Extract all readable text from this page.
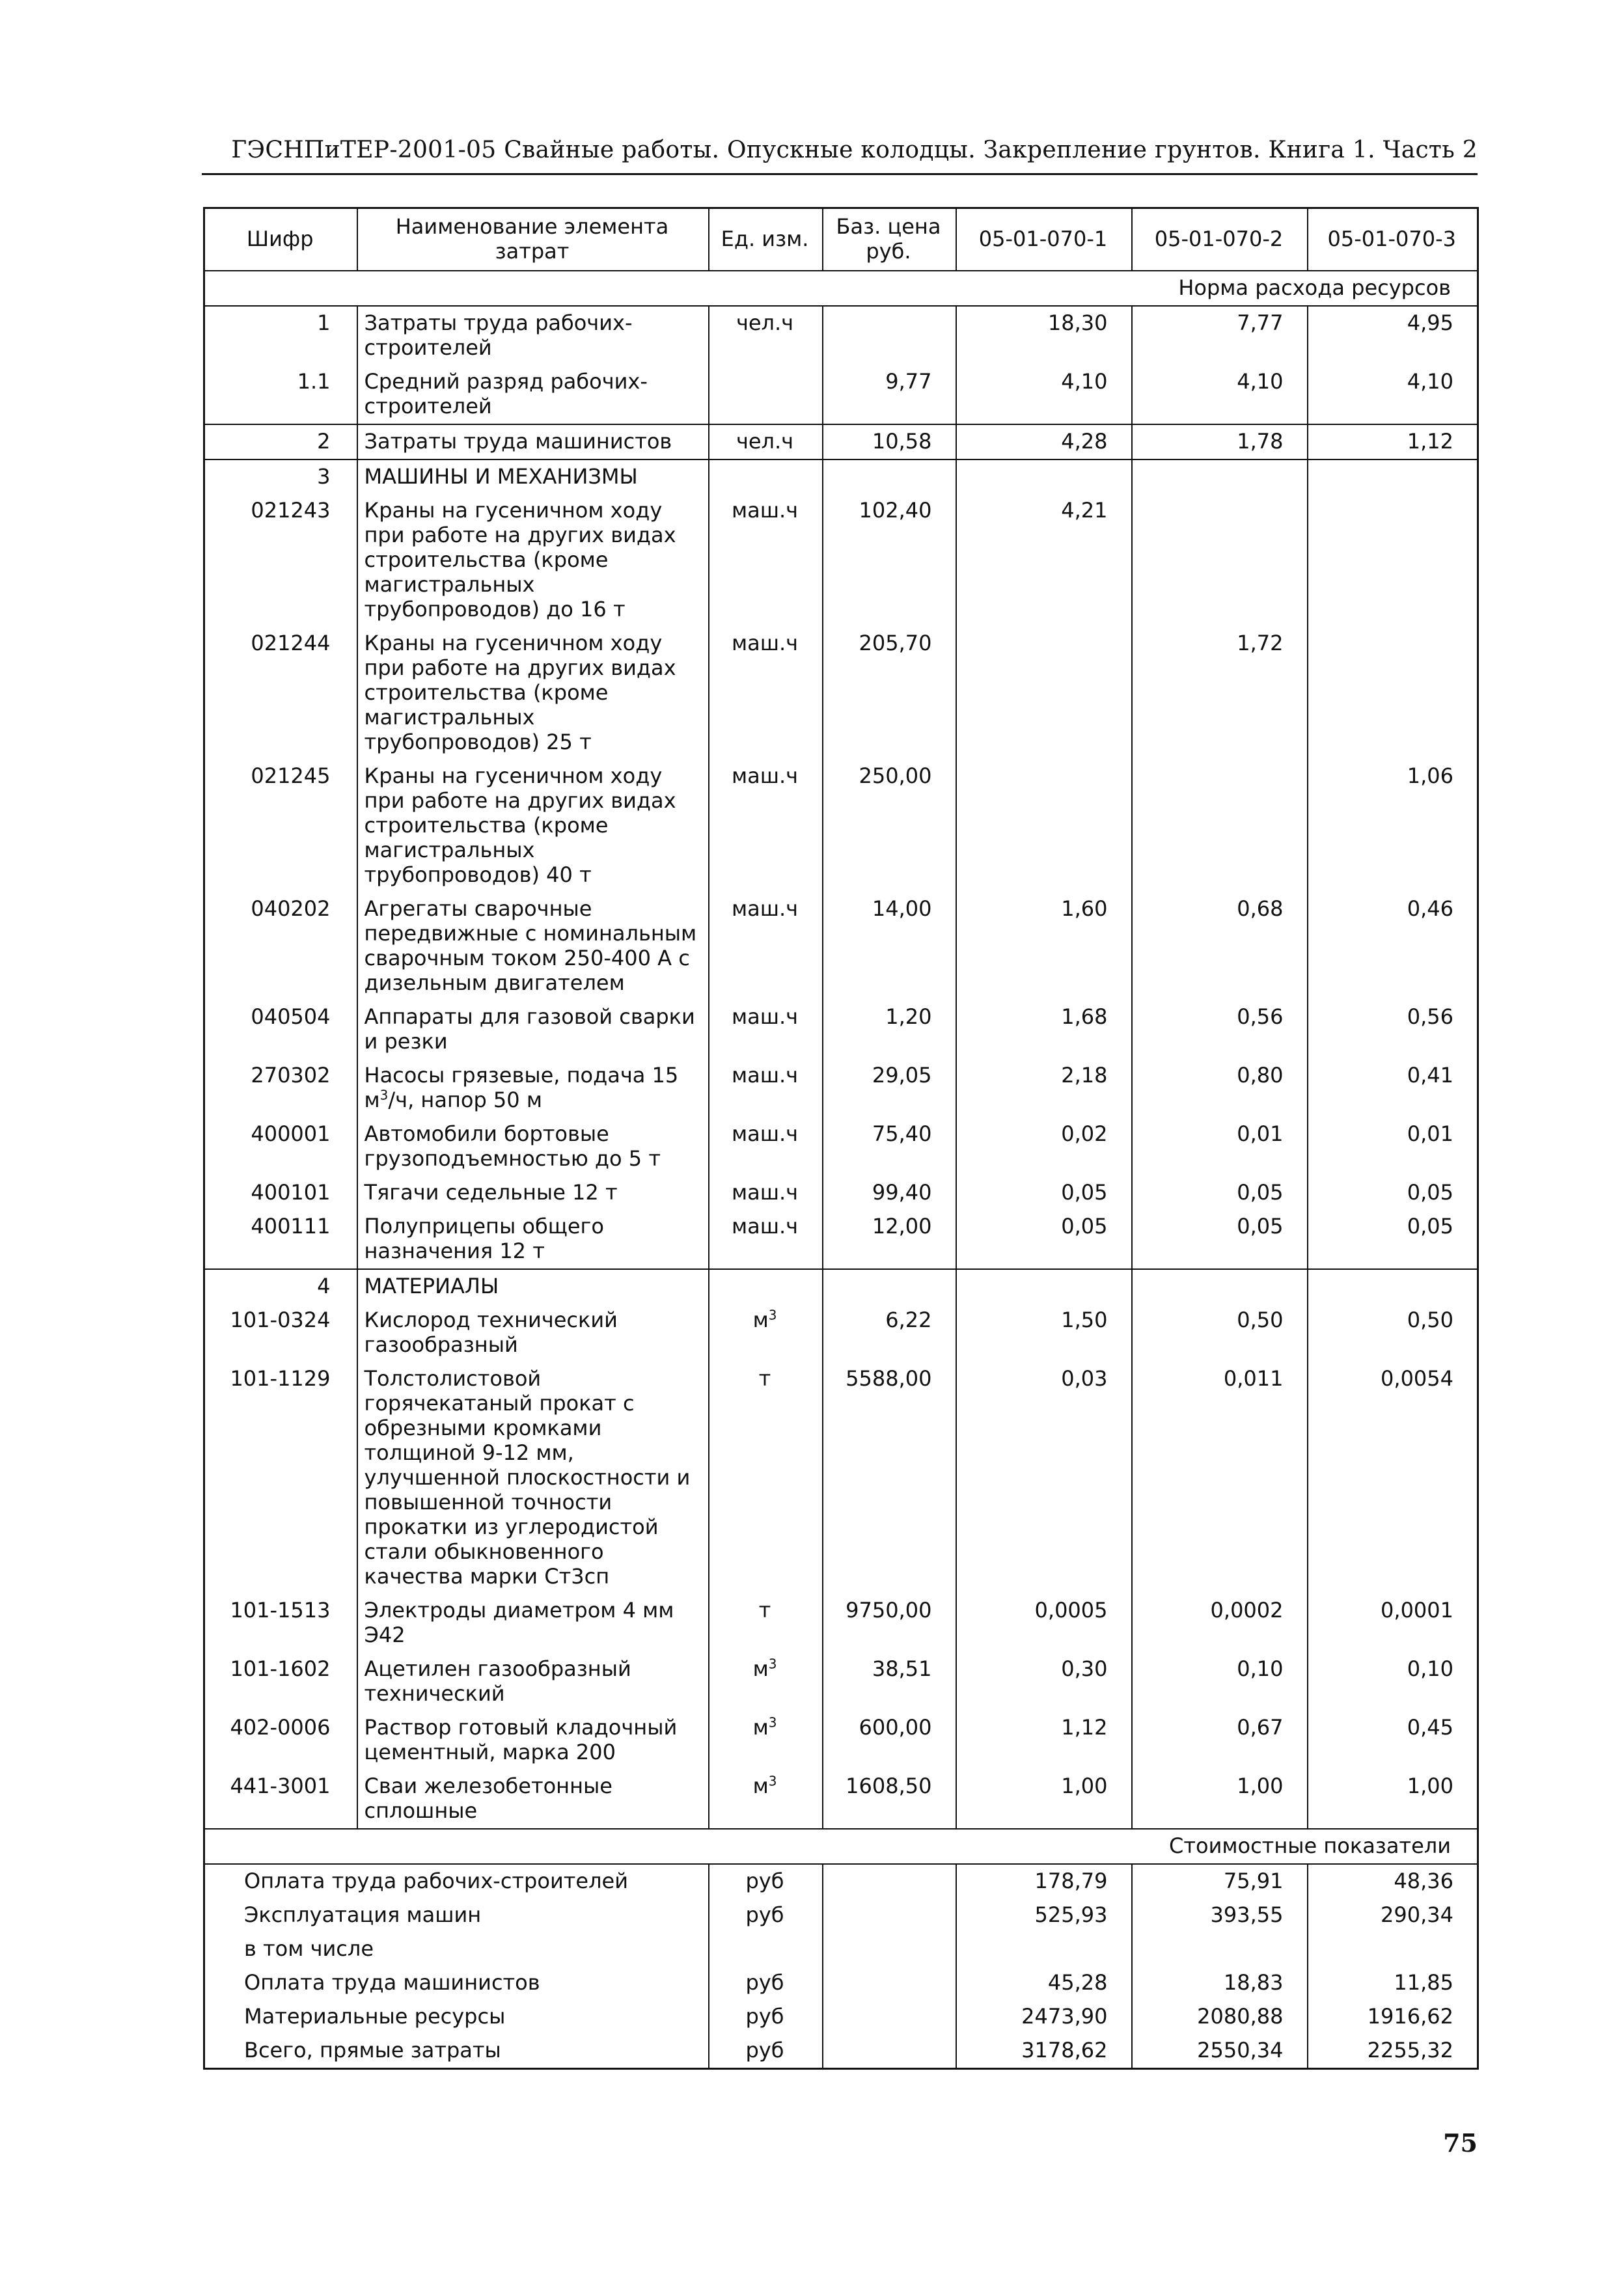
ГЭСНПиТЕР-2001-05 Свайные работы. Опускные колодцы. Закрепление грунтов. Книга 1. Часть 2
Шифр	Наименование элемента затрат	Ед. изм.	Баз. цена руб.	05-01-070-1	05-01-070-2	05-01-070-3
Норма расхода ресурсов						
1	Затраты труда рабочих-строителей	чел.ч		18,30	7,77	4,95
1.1	Средний разряд рабочих-строителей		9,77	4,10	4,10	4,10
2	Затраты труда машинистов	чел.ч	10,58	4,28	1,78	1,12
3	МАШИНЫ И МЕХАНИЗМЫ					
021243	Краны на гусеничном ходу при работе на других видах строительства (кроме магистральных трубопроводов) до 16 т	маш.ч	102,40	4,21		
021244	Краны на гусеничном ходу при работе на других видах строительства (кроме магистральных трубопроводов) 25 т	маш.ч	205,70		1,72	
021245	Краны на гусеничном ходу при работе на других видах строительства (кроме магистральных трубопроводов) 40 т	маш.ч	250,00			1,06
040202	Агрегаты сварочные передвижные с номинальным сварочным током 250-400 А с дизельным двигателем	маш.ч	14,00	1,60	0,68	0,46
040504	Аппараты для газовой сварки и резки	маш.ч	1,20	1,68	0,56	0,56
270302	Насосы грязевые, подача 15 $м^3/ч$, напор 50 м	маш.ч	29,05	2,18	0,80	0,41
400001	Автомобили бортовые грузоподъемностью до 5 т	маш.ч	75,40	0,02	0,01	0,01
400101	Тягачи седельные 12 т	маш.ч	99,40	0,05	0,05	0,05
400111	Полуприцепы общего назначения 12 т	маш.ч	12,00	0,05	0,05	0,05
4	МАТЕРИАЛЫ					
101-0324	Кислород технический газообразный	$м^3$	6,22	1,50	0,50	0,50
101-1129	Толстолистовой горячекатаный прокат с обрезными кромками толщиной 9-12 мм, улучшенной плоскостности и повышенной точности прокатки из углеродистой стали обыкновенного качества марки Ст3сп	т	5588,00	0,03	0,011	0,0054
101-1513	Электроды диаметром 4 мм Э42	т	9750,00	0,0005	0,0002	0,0001
101-1602	Ацетилен газообразный технический	$м^3$	38,51	0,30	0,10	0,10
402-0006	Раствор готовый кладочный цементный, марка 200	$м^3$	600,00	1,12	0,67	0,45
441-3001	Сваи железобетонные сплошные	$м^3$	1608,50	1,00	1,00	1,00
Стоимостные показатели						
Оплата труда рабочих-строителей		руб		178,79	75,91	48,36
Эксплуатация машин		руб		525,93	393,55	290,34
в том числе						
Оплата труда машинистов		руб		45,28	18,83	11,85
Материальные ресурсы		руб		2473,90	2080,88	1916,62
Всего, прямые затраты		руб		3178,62	2550,34	2255,32
75
